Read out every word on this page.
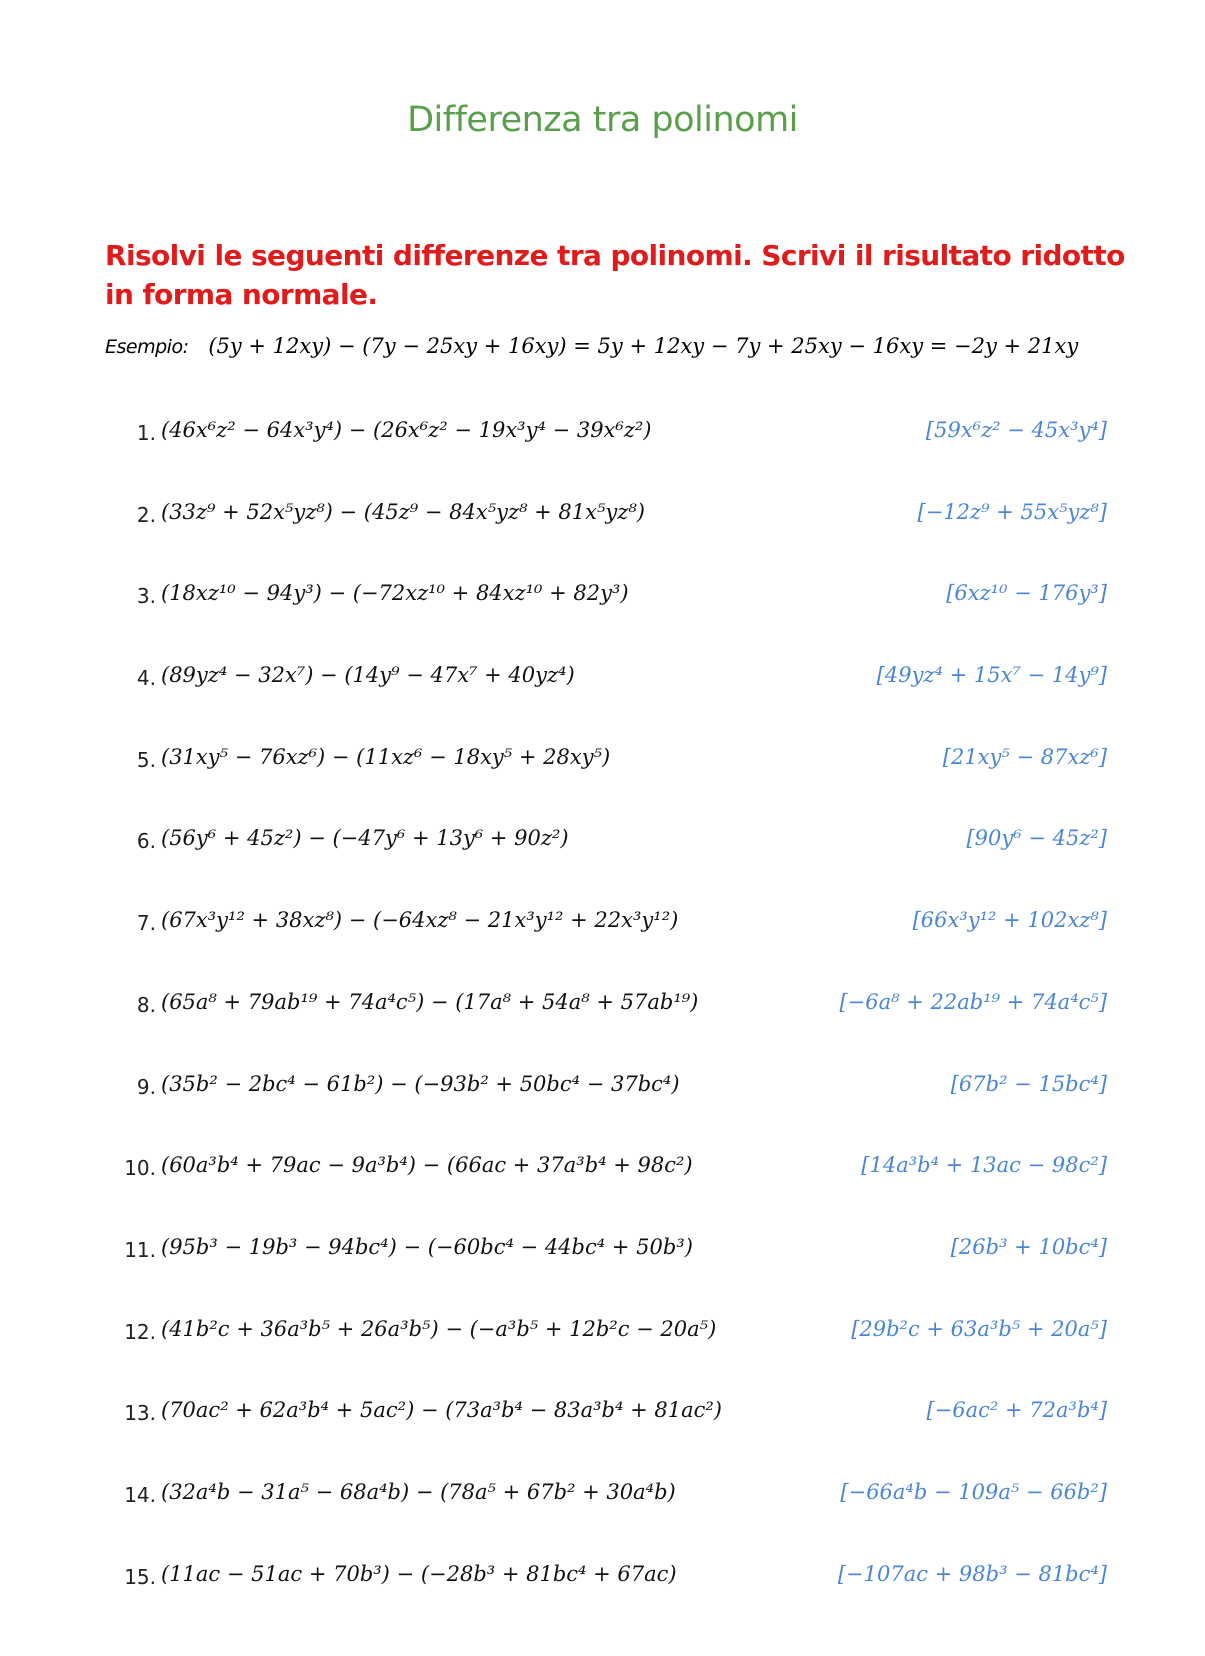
Differenza tra polinomi
Risolvi le seguenti differenze tra polinomi. Scrivi il risultato ridotto in forma normale.
Esempio: (5y + 12xy) − (7y − 25xy + 16xy) = 5y + 12xy − 7y + 25xy − 16xy = −2y + 21xy
1. (46x⁶z² − 64x³y⁴) − (26x⁶z² − 19x³y⁴ − 39x⁶z²)	[59x⁶z² − 45x³y⁴]
2. (33z⁹ + 52x⁵yz⁸) − (45z⁹ − 84x⁵yz⁸ + 81x⁵yz⁸)	[−12z⁹ + 55x⁵yz⁸]
3. (18xz¹⁰ − 94y³) − (−72xz¹⁰ + 84xz¹⁰ + 82y³)	[6xz¹⁰ − 176y³]
4. (89yz⁴ − 32x⁷) − (14y⁹ − 47x⁷ + 40yz⁴)	[49yz⁴ + 15x⁷ − 14y⁹]
5. (31xy⁵ − 76xz⁶) − (11xz⁶ − 18xy⁵ + 28xy⁵)	[21xy⁵ − 87xz⁶]
6. (56y⁶ + 45z²) − (−47y⁶ + 13y⁶ + 90z²)	[90y⁶ − 45z²]
7. (67x³y¹² + 38xz⁸) − (−64xz⁸ − 21x³y¹² + 22x³y¹²)	[66x³y¹² + 102xz⁸]
8. (65a⁸ + 79ab¹⁹ + 74a⁴c⁵) − (17a⁸ + 54a⁸ + 57ab¹⁹)	[−6a⁸ + 22ab¹⁹ + 74a⁴c⁵]
9. (35b² − 2bc⁴ − 61b²) − (−93b² + 50bc⁴ − 37bc⁴)	[67b² − 15bc⁴]
10. (60a³b⁴ + 79ac − 9a³b⁴) − (66ac + 37a³b⁴ + 98c²)	[14a³b⁴ + 13ac − 98c²]
11. (95b³ − 19b³ − 94bc⁴) − (−60bc⁴ − 44bc⁴ + 50b³)	[26b³ + 10bc⁴]
12. (41b²c + 36a³b⁵ + 26a³b⁵) − (−a³b⁵ + 12b²c − 20a⁵)	[29b²c + 63a³b⁵ + 20a⁵]
13. (70ac² + 62a³b⁴ + 5ac²) − (73a³b⁴ − 83a³b⁴ + 81ac²)	[−6ac² + 72a³b⁴]
14. (32a⁴b − 31a⁵ − 68a⁴b) − (78a⁵ + 67b² + 30a⁴b)	[−66a⁴b − 109a⁵ − 66b²]
15. (11ac − 51ac + 70b³) − (−28b³ + 81bc⁴ + 67ac)	[−107ac + 98b³ − 81bc⁴]
